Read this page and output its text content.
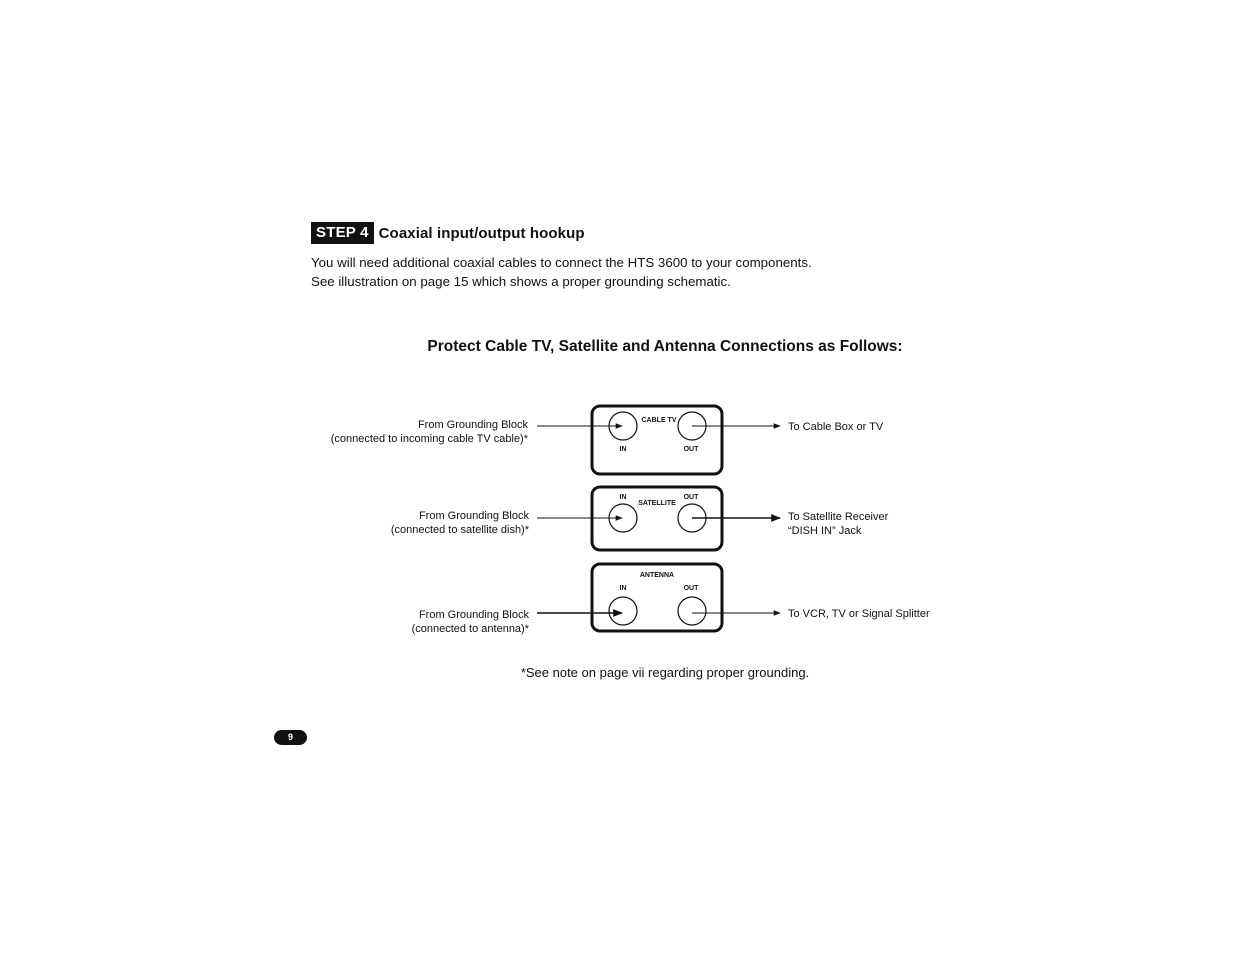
STEP 4 Coaxial input/output hookup

You will need additional coaxial cables to connect the HTS 3600 to your components.

See illustration on page 15 which shows a proper grounding schematic.

Protect Cable TV, Satellite and Antenna Connections as Follows:
CABLE TV
IN	OUT
From Grounding Block
(connected to incoming cable TV cable)*
To Cable Box or TV
IN	OUT
SATELLITE
From Grounding Block
(connected to satellite dish)*
To Satellite Receiver
“DISH IN” Jack
ANTENNA
IN	OUT
From Grounding Block
(connected to antenna)*
To VCR, TV or Signal Splitter
*See note on page vii regarding proper grounding.
9
